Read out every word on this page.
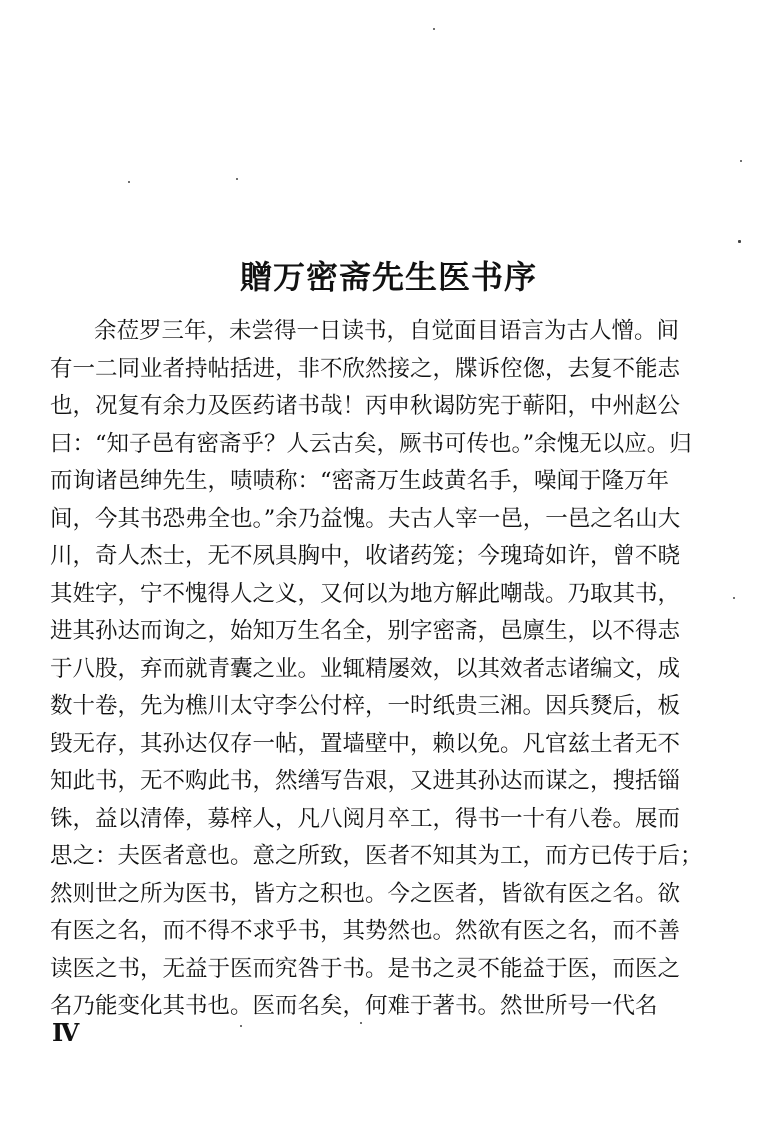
贈万密斋先生医书序
余莅罗三年，未尝得一日读书，自觉面目语言为古人憎。间
有一二同业者持帖括进，非不欣然接之，牒诉倥偬，去复不能志
也，况复有余力及医药诸书哉！丙申秋谒防宪于蕲阳，中州赵公
曰：“知子邑有密斋乎？人云古矣，厥书可传也。”余愧无以应。归
而询诸邑绅先生，啧啧称：“密斋万生歧黄名手，噪闻于隆万年
间，今其书恐弗全也。”余乃益愧。夫古人宰一邑，一邑之名山大
川，奇人杰士，无不夙具胸中，收诸药笼；今瑰琦如许，曾不晓
其姓字，宁不愧得人之义，又何以为地方解此嘲哉。乃取其书，
进其孙达而询之，始知万生名全，别字密斋，邑廪生，以不得志
于八股，弃而就青囊之业。业辄精屡效，以其效者志诸编文，成
数十卷，先为樵川太守李公付梓，一时纸贵三湘。因兵燹后，板
毁无存，其孙达仅存一帖，置墙壁中，赖以免。凡官兹土者无不
知此书，无不购此书，然缮写告艰，又进其孙达而谋之，搜括锱
铢，益以清俸，募梓人，凡八阅月卒工，得书一十有八卷。展而
思之：夫医者意也。意之所致，医者不知其为工，而方已传于后；
然则世之所为医书，皆方之积也。今之医者，皆欲有医之名。欲
有医之名，而不得不求乎书，其势然也。然欲有医之名，而不善
读医之书，无益于医而究咎于书。是书之灵不能益于医，而医之
名乃能变化其书也。医而名矣，何难于著书。然世所号一代名
Ⅳ
